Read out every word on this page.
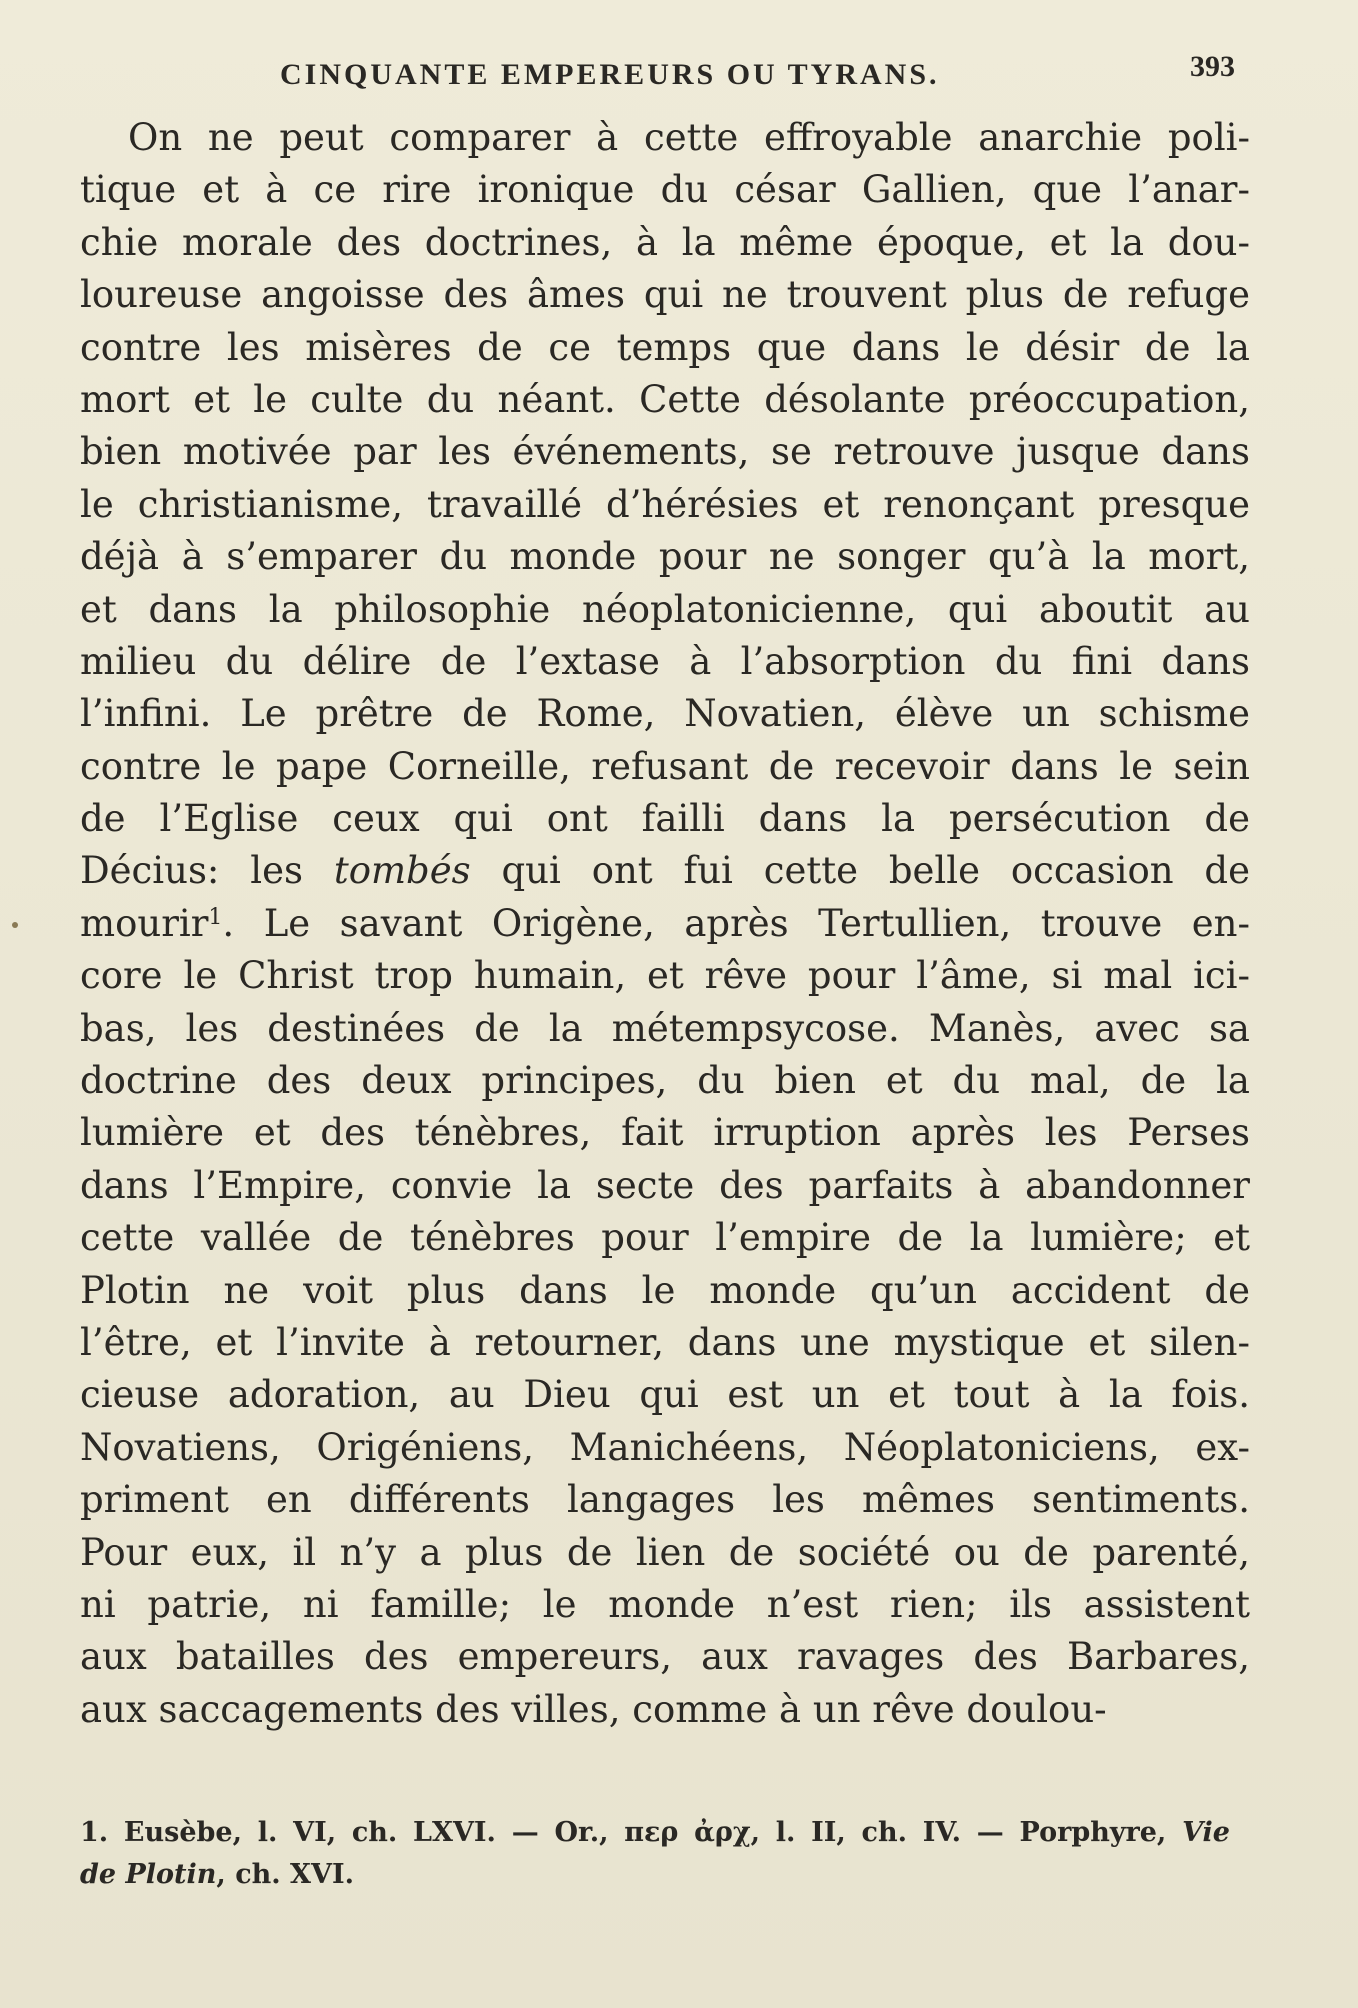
CINQUANTE EMPEREURS OU TYRANS.	393
On ne peut comparer à cette effroyable anarchie poli-
tique et à ce rire ironique du césar Gallien, que l’anar-
chie morale des doctrines, à la même époque, et la dou-
loureuse angoisse des âmes qui ne trouvent plus de refuge
contre les misères de ce temps que dans le désir de la
mort et le culte du néant. Cette désolante préoccupation,
bien motivée par les événements, se retrouve jusque dans
le christianisme, travaillé d’hérésies et renonçant presque
déjà à s’emparer du monde pour ne songer qu’à la mort,
et dans la philosophie néoplatonicienne, qui aboutit au
milieu du délire de l’extase à l’absorption du fini dans
l’infini. Le prêtre de Rome, Novatien, élève un schisme
contre le pape Corneille, refusant de recevoir dans le sein
de l’Eglise ceux qui ont failli dans la persécution de
Décius: les tombés qui ont fui cette belle occasion de
mourir$^1$. Le savant Origène, après Tertullien, trouve en-
core le Christ trop humain, et rêve pour l’âme, si mal ici-
bas, les destinées de la métempsycose. Manès, avec sa
doctrine des deux principes, du bien et du mal, de la
lumière et des ténèbres, fait irruption après les Perses
dans l’Empire, convie la secte des parfaits à abandonner
cette vallée de ténèbres pour l’empire de la lumière; et
Plotin ne voit plus dans le monde qu’un accident de
l’être, et l’invite à retourner, dans une mystique et silen-
cieuse adoration, au Dieu qui est un et tout à la fois.
Novatiens, Origéniens, Manichéens, Néoplatoniciens, ex-
priment en différents langages les mêmes sentiments.
Pour eux, il n’y a plus de lien de société ou de parenté,
ni patrie, ni famille; le monde n’est rien; ils assistent
aux batailles des empereurs, aux ravages des Barbares,
aux saccagements des villes, comme à un rêve doulou-
1. Eusèbe, l. VI, ch. LXVI. — Or., περ ἀρχ, l. II, ch. IV. — Porphyre, Vie
de Plotin, ch. XVI.
